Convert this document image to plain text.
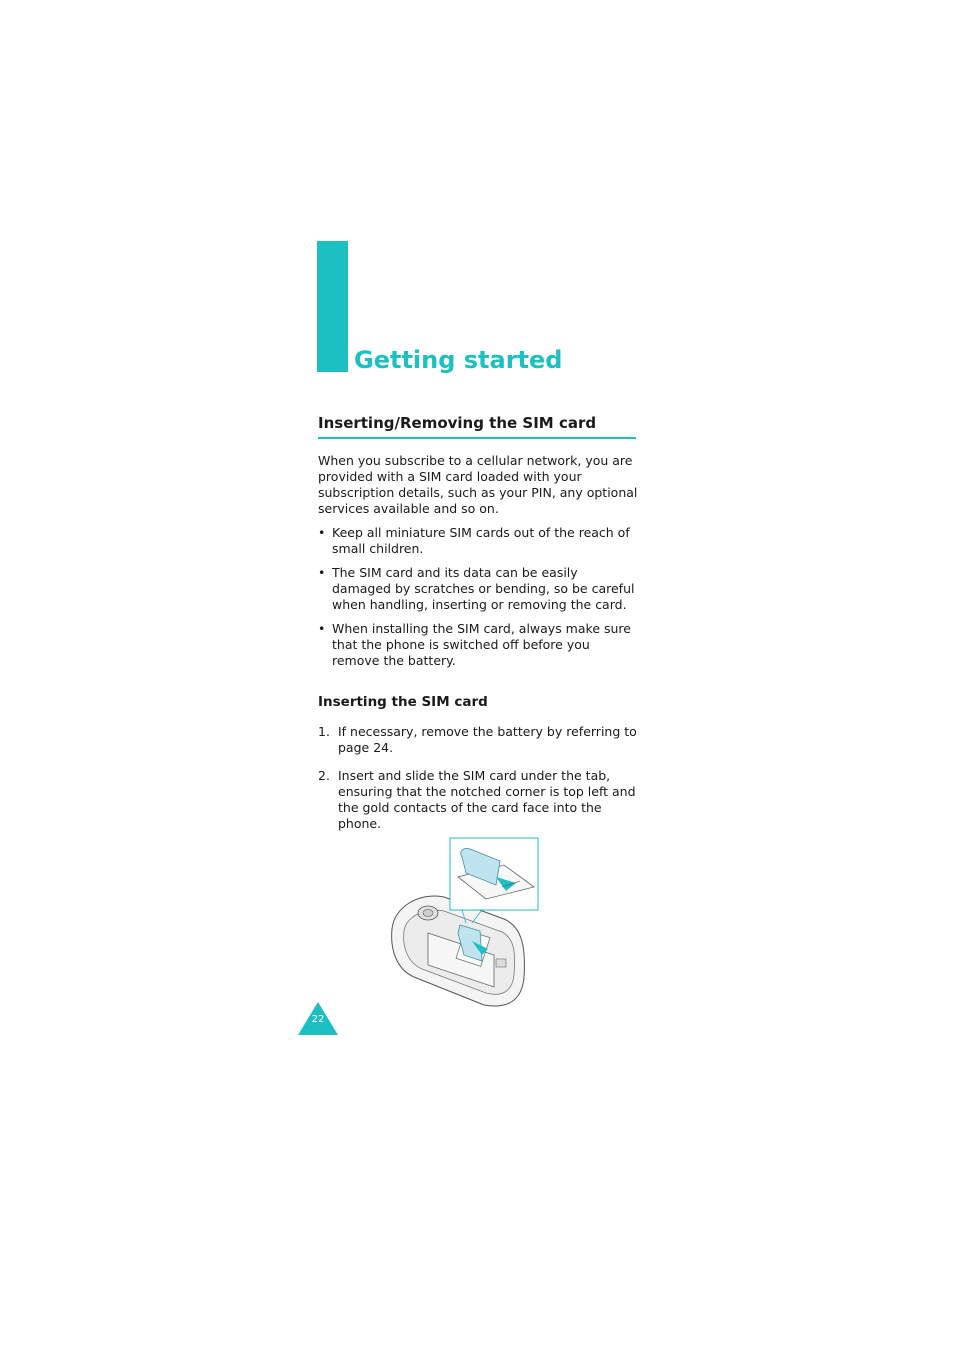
Getting started
Inserting/Removing the SIM card

When you subscribe to a cellular network, you are provided with a SIM card loaded with your subscription details, such as your PIN, any optional services available and so on.

• Keep all miniature SIM cards out of the reach of small children.
• The SIM card and its data can be easily damaged by scratches or bending, so be careful when handling, inserting or removing the card.
• When installing the SIM card, always make sure that the phone is switched off before you remove the battery.
Inserting the SIM card
1. If necessary, remove the battery by referring to page 24.
2. Insert and slide the SIM card under the tab, ensuring that the notched corner is top left and the gold contacts of the card face into the phone.
22
